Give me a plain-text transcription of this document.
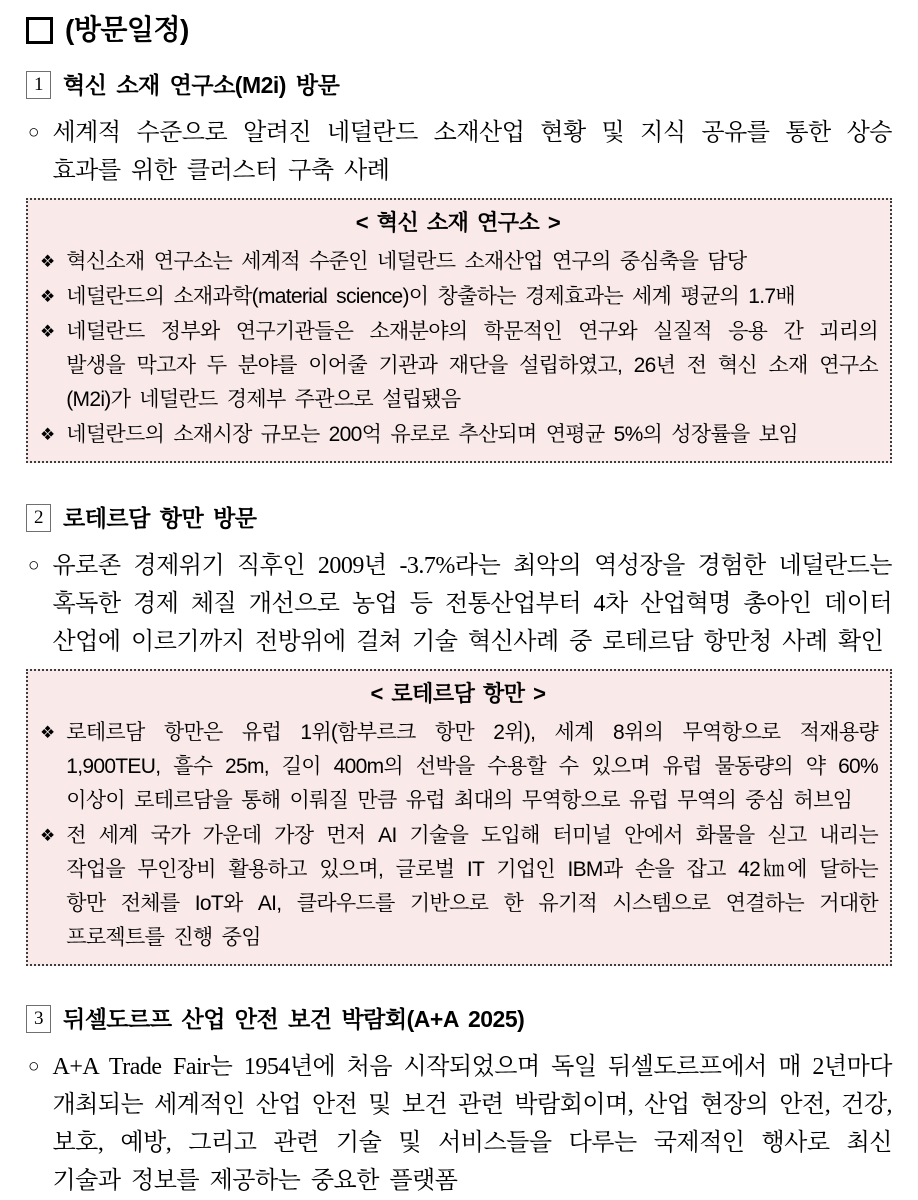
(방문일정)
1 혁신 소재 연구소(M2i) 방문
○ 세계적 수준으로 알려진 네덜란드 소재산업 현황 및 지식 공유를 통한 상승 효과를 위한 클러스터 구축 사례

< 혁신 소재 연구소 >
❖ 혁신소재 연구소는 세계적 수준인 네덜란드 소재산업 연구의 중심축을 담당

❖ 네덜란드의 소재과학(material science)이 창출하는 경제효과는 세계 평균의 1.7배

❖ 네덜란드 정부와 연구기관들은 소재분야의 학문적인 연구와 실질적 응용 간 괴리의 발생을 막고자 두 분야를 이어줄 기관과 재단을 설립하였고, 26년 전 혁신 소재 연구소(M2i)가 네덜란드 경제부 주관으로 설립됐음

❖ 네덜란드의 소재시장 규모는 200억 유로로 추산되며 연평균 5%의 성장률을 보임

2 로테르담 항만 방문
○ 유로존 경제위기 직후인 2009년 -3.7%라는 최악의 역성장을 경험한 네덜란드는 혹독한 경제 체질 개선으로 농업 등 전통산업부터 4차 산업혁명 총아인 데이터 산업에 이르기까지 전방위에 걸쳐 기술 혁신사례 중 로테르담 항만청 사례 확인

< 로테르담 항만 >
❖ 로테르담 항만은 유럽 1위(함부르크 항만 2위), 세계 8위의 무역항으로 적재용량 1,900TEU, 흘수 25m, 길이 400m의 선박을 수용할 수 있으며 유럽 물동량의 약 60% 이상이 로테르담을 통해 이뤄질 만큼 유럽 최대의 무역항으로 유럽 무역의 중심 허브임

❖ 전 세계 국가 가운데 가장 먼저 AI 기술을 도입해 터미널 안에서 화물을 싣고 내리는 작업을 무인장비 활용하고 있으며, 글로벌 IT 기업인 IBM과 손을 잡고 42㎞에 달하는 항만 전체를 IoT와 AI, 클라우드를 기반으로 한 유기적 시스템으로 연결하는 거대한 프로젝트를 진행 중임

3 뒤셀도르프 산업 안전 보건 박람회(A+A 2025)
○ A+A Trade Fair는 1954년에 처음 시작되었으며 독일 뒤셀도르프에서 매 2년마다 개최되는 세계적인 산업 안전 및 보건 관련 박람회이며, 산업 현장의 안전, 건강, 보호, 예방, 그리고 관련 기술 및 서비스들을 다루는 국제적인 행사로 최신 기술과 정보를 제공하는 중요한 플랫폼
